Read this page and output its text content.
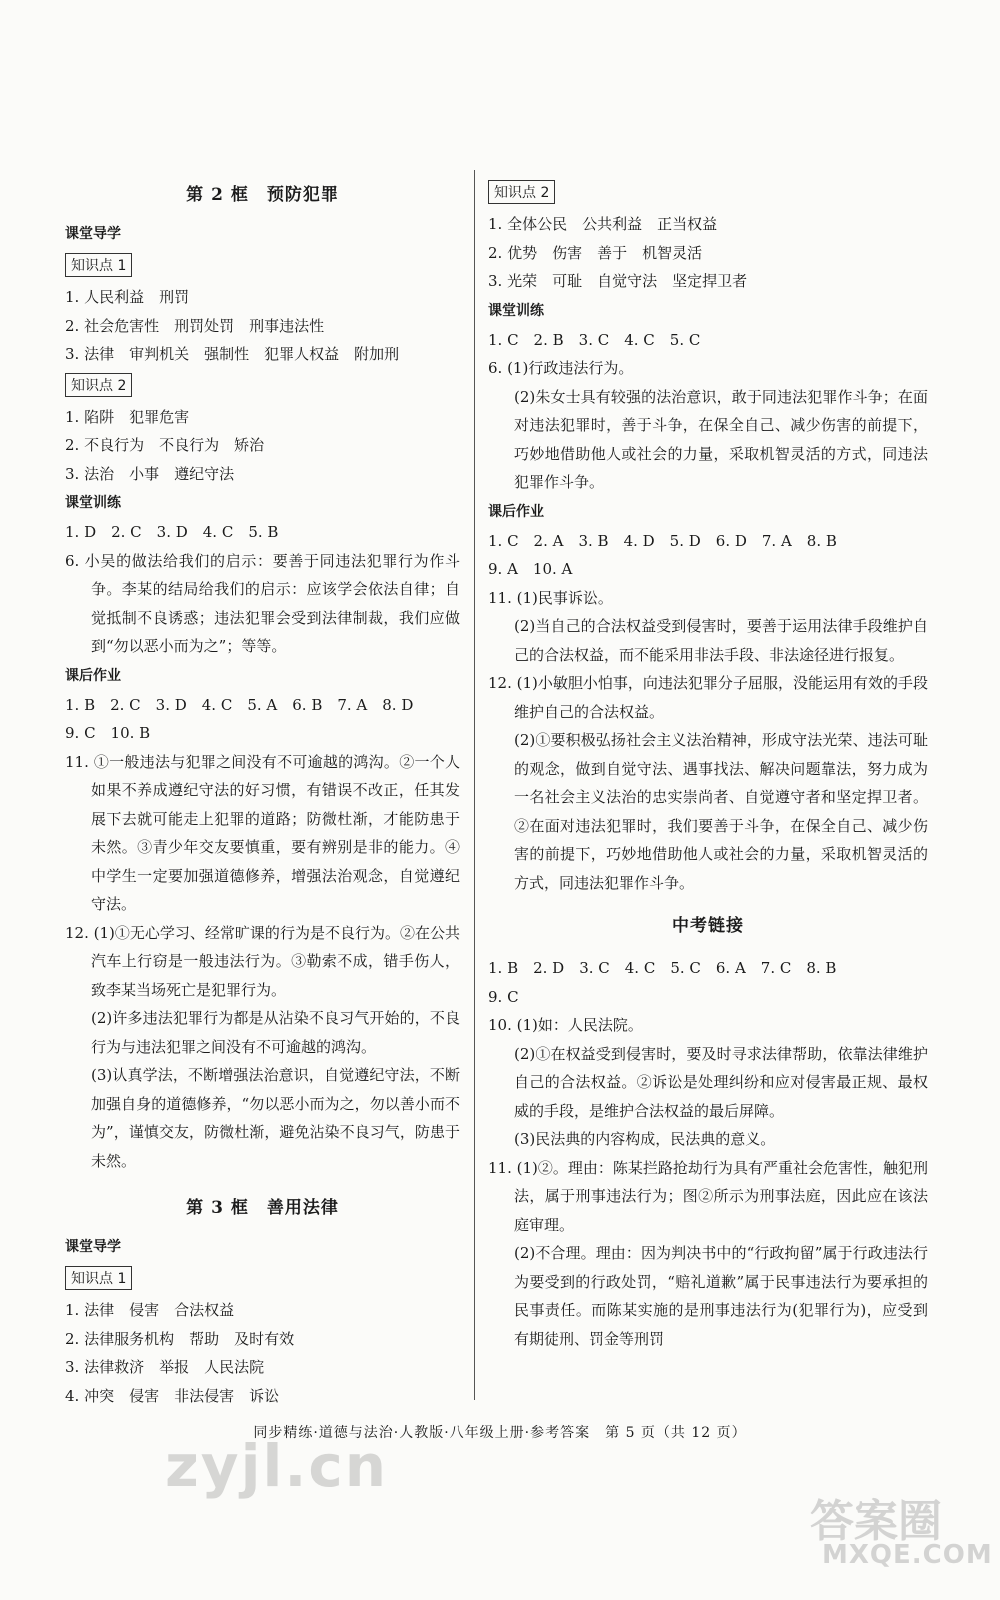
第 2 框　预防犯罪
课堂导学
知识点 1
1. 人民利益　刑罚
2. 社会危害性　刑罚处罚　刑事违法性
3. 法律　审判机关　强制性　犯罪人权益　附加刑
知识点 2
1. 陷阱　犯罪危害
2. 不良行为　不良行为　矫治
3. 法治　小事　遵纪守法
课堂训练
1. D　2. C　3. D　4. C　5. B
6. 小吴的做法给我们的启示：要善于同违法犯罪行为作斗争。李某的结局给我们的启示：应该学会依法自律；自觉抵制不良诱惑；违法犯罪会受到法律制裁，我们应做到“勿以恶小而为之”；等等。
课后作业
1. B　2. C　3. D　4. C　5. A　6. B　7. A　8. D
9. C　10. B
11. ①一般违法与犯罪之间没有不可逾越的鸿沟。②一个人如果不养成遵纪守法的好习惯，有错误不改正，任其发展下去就可能走上犯罪的道路；防微杜渐，才能防患于未然。③青少年交友要慎重，要有辨别是非的能力。④中学生一定要加强道德修养，增强法治观念，自觉遵纪守法。
12. (1)①无心学习、经常旷课的行为是不良行为。②在公共汽车上行窃是一般违法行为。③勒索不成，错手伤人，致李某当场死亡是犯罪行为。
(2)许多违法犯罪行为都是从沾染不良习气开始的，不良行为与违法犯罪之间没有不可逾越的鸿沟。
(3)认真学法，不断增强法治意识，自觉遵纪守法，不断加强自身的道德修养，“勿以恶小而为之，勿以善小而不为”，谨慎交友，防微杜渐，避免沾染不良习气，防患于未然。
第 3 框　善用法律
课堂导学
知识点 1
1. 法律　侵害　合法权益
2. 法律服务机构　帮助　及时有效
3. 法律救济　举报　人民法院
4. 冲突　侵害　非法侵害　诉讼
知识点 2
1. 全体公民　公共利益　正当权益
2. 优势　伤害　善于　机智灵活
3. 光荣　可耻　自觉守法　坚定捍卫者
课堂训练
1. C　2. B　3. C　4. C　5. C
6. (1)行政违法行为。
(2)朱女士具有较强的法治意识，敢于同违法犯罪作斗争；在面对违法犯罪时，善于斗争，在保全自己、减少伤害的前提下，巧妙地借助他人或社会的力量，采取机智灵活的方式，同违法犯罪作斗争。
课后作业
1. C　2. A　3. B　4. D　5. D　6. D　7. A　8. B
9. A　10. A
11. (1)民事诉讼。
(2)当自己的合法权益受到侵害时，要善于运用法律手段维护自己的合法权益，而不能采用非法手段、非法途径进行报复。
12. (1)小敏胆小怕事，向违法犯罪分子屈服，没能运用有效的手段维护自己的合法权益。
(2)①要积极弘扬社会主义法治精神，形成守法光荣、违法可耻的观念，做到自觉守法、遇事找法、解决问题靠法，努力成为一名社会主义法治的忠实崇尚者、自觉遵守者和坚定捍卫者。②在面对违法犯罪时，我们要善于斗争，在保全自己、减少伤害的前提下，巧妙地借助他人或社会的力量，采取机智灵活的方式，同违法犯罪作斗争。
中考链接
1. B　2. D　3. C　4. C　5. C　6. A　7. C　8. B
9. C
10. (1)如：人民法院。
(2)①在权益受到侵害时，要及时寻求法律帮助，依靠法律维护自己的合法权益。②诉讼是处理纠纷和应对侵害最正规、最权威的手段，是维护合法权益的最后屏障。
(3)民法典的内容构成，民法典的意义。
11. (1)②。理由：陈某拦路抢劫行为具有严重社会危害性，触犯刑法，属于刑事违法行为；图②所示为刑事法庭，因此应在该法庭审理。
(2)不合理。理由：因为判决书中的“行政拘留”属于行政违法行为要受到的行政处罚，“赔礼道歉”属于民事违法行为要承担的民事责任。而陈某实施的是刑事违法行为(犯罪行为)，应受到有期徒刑、罚金等刑罚
同步精练·道德与法治·人教版·八年级上册·参考答案　第 5 页（共 12 页）
zyjl.cn
答案圈
MXQE.COM
